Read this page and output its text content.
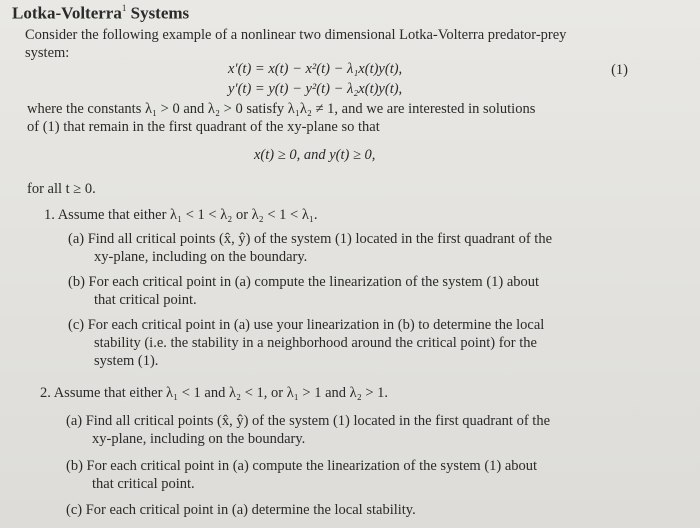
Lotka-Volterra$^1$ Systems
Consider the following example of a nonlinear two dimensional Lotka-Volterra predator-prey
system:
x′(t) = x(t) − x²(t) − λ₁x(t)y(t),
y′(t) = y(t) − y²(t) − λ₂x(t)y(t),
(1)
where the constants λ₁ > 0 and λ₂ > 0 satisfy λ₁λ₂ ≠ 1, and we are interested in solutions
of (1) that remain in the first quadrant of the xy-plane so that
x(t) ≥ 0, and y(t) ≥ 0,
for all t ≥ 0.
1. Assume that either λ₁ < 1 < λ₂ or λ₂ < 1 < λ₁.
(a) Find all critical points (x̂, ŷ) of the system (1) located in the first quadrant of the
xy-plane, including on the boundary.
(b) For each critical point in (a) compute the linearization of the system (1) about
that critical point.
(c) For each critical point in (a) use your linearization in (b) to determine the local
stability (i.e. the stability in a neighborhood around the critical point) for the
system (1).
2. Assume that either λ₁ < 1 and λ₂ < 1, or λ₁ > 1 and λ₂ > 1.
(a) Find all critical points (x̂, ŷ) of the system (1) located in the first quadrant of the
xy-plane, including on the boundary.
(b) For each critical point in (a) compute the linearization of the system (1) about
that critical point.
(c) For each critical point in (a) determine the local stability.
